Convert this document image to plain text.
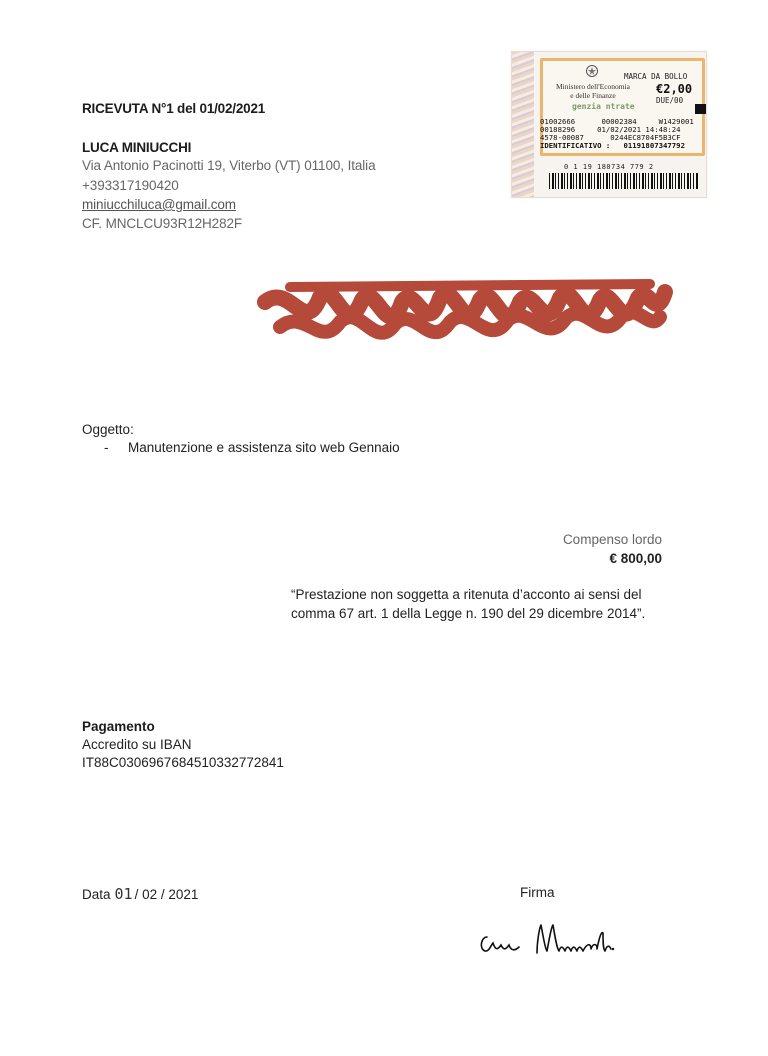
RICEVUTA N°1 del 01/02/2021
LUCA MINIUCCHI
Via Antonio Pacinotti 19, Viterbo (VT) 01100, Italia
+393317190420
miniucchiluca@gmail.com
CF. MNCLCU93R12H282F
Ministero dell'Economia
e delle Finanze
MARCA DA BOLLO
€2,00
DUE/00
genzia ntrate
01002666      00002384     W1429001
00188296     01/02/2021 14:48:24
4578-00087      0244EC8704F5B3CF
IDENTIFICATIVO :   01191807347792
0 1 19 180734 779 2
Oggetto:
- Manutenzione e assistenza sito web Gennaio
Compenso lordo
€ 800,00
“Prestazione non soggetta a ritenuta d’acconto ai sensi del
comma 67 art. 1 della Legge n. 190 del 29 dicembre 2014”.
Pagamento
Accredito su IBAN
IT88C0306967684510332772841
Data 01 / 02 / 2021	Firma
